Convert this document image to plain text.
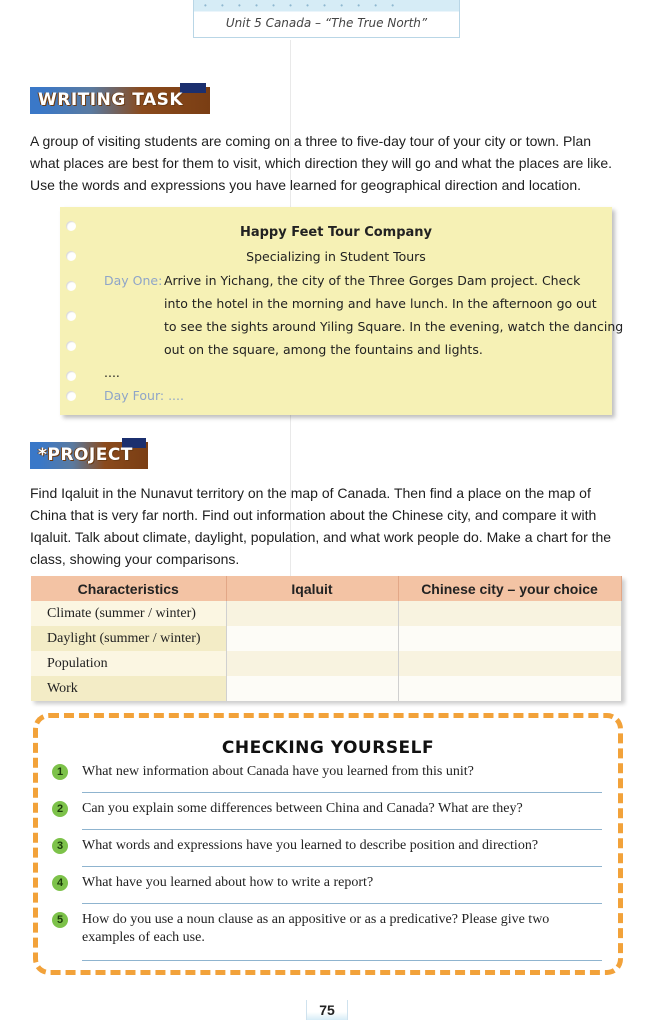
• • • • • • • • • • • •
Unit 5 Canada – “The True North”
WRITING TASK
A group of visiting students are coming on a three to five-day tour of your city or town. Plan what places are best for them to visit, which direction they will go and what the places are like. Use the words and expressions you have learned for geographical direction and location.
Happy Feet Tour Company
Specializing in Student Tours
Day One: Arrive in Yichang, the city of the Three Gorges Dam project. Check
into the hotel in the morning and have lunch. In the afternoon go out
to see the sights around Yiling Square. In the evening, watch the dancing
out on the square, among the fountains and lights.
....
Day Four: ....
*PROJECT
Find Iqaluit in the Nunavut territory on the map of Canada. Then find a place on the map of China that is very far north. Find out information about the Chinese city, and compare it with Iqaluit. Talk about climate, daylight, population, and what work people do. Make a chart for the class, showing your comparisons.
Characteristics	Iqaluit	Chinese city – your choice
Climate (summer / winter)		
Daylight (summer / winter)		
Population		
Work		
CHECKING YOURSELF
1	What new information about Canada have you learned from this unit?
2	Can you explain some differences between China and Canada? What are they?
3	What words and expressions have you learned to describe position and direction?
4	What have you learned about how to write a report?
5	How do you use a noun clause as an appositive or as a predicative? Please give two examples of each use.
75
